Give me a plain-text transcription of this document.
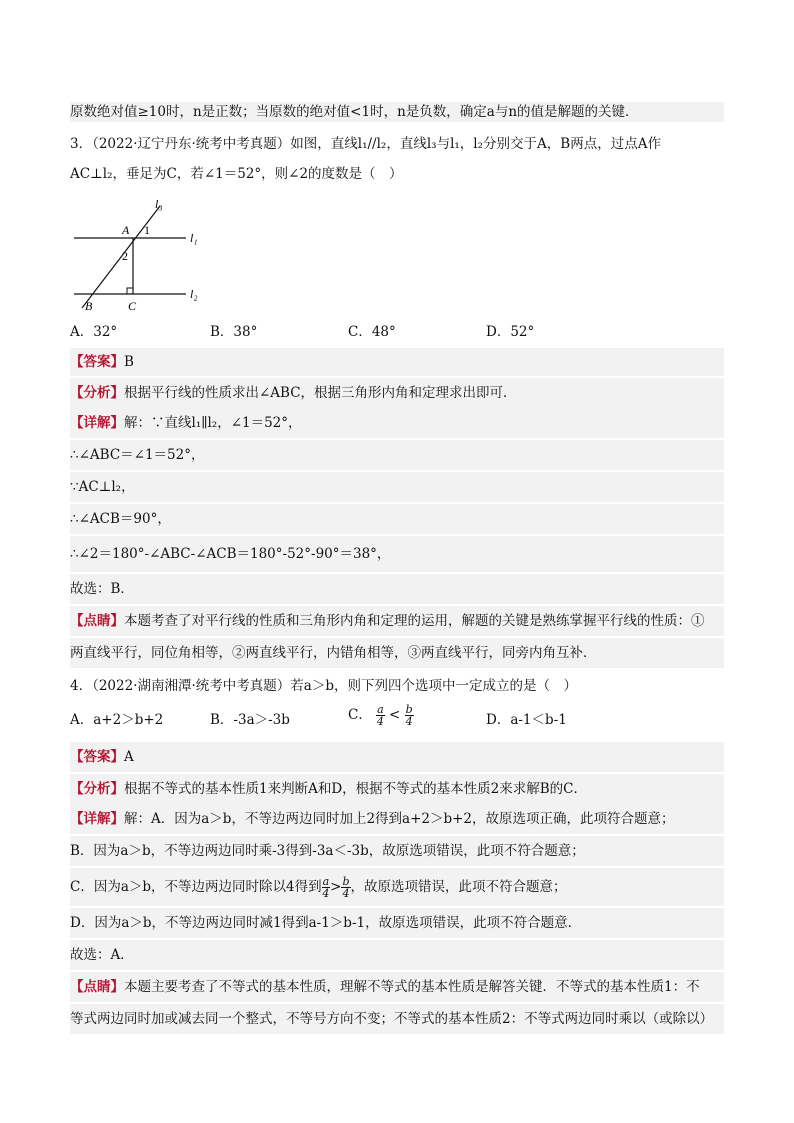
原数绝对值≥10时，n是正数；当原数的绝对值<1时，n是负数，确定a与n的值是解题的关键．
3．（2022·辽宁丹东·统考中考真题）如图，直线l₁//l₂，直线l₃与l₁，l₂分别交于A，B两点，过点A作
AC⊥l₂，垂足为C，若∠1＝52°，则∠2的度数是（　）
l₃
l₁
l₂
A 1
2
B	C
A．32°	B．38°	C．48°	D．52°
【答案】B
【分析】根据平行线的性质求出∠ABC，根据三角形内角和定理求出即可．
【详解】解：∵直线l₁∥l₂，∠1＝52°，
∴∠ABC＝∠1＝52°，
∵AC⊥l₂，
∴∠ACB＝90°，
∴∠2＝180°-∠ABC-∠ACB＝180°-52°-90°＝38°，
故选：B．
【点睛】本题考查了对平行线的性质和三角形内角和定理的运用，解题的关键是熟练掌握平行线的性质：①
两直线平行，同位角相等，②两直线平行，内错角相等，③两直线平行，同旁内角互补．
4．（2022·湖南湘潭·统考中考真题）若a＞b，则下列四个选项中一定成立的是（　）
A．a+2＞b+2	B．-3a＞-3b	C． $\frac{a}{4} < \frac{b}{4}$	D．a-1＜b-1
【答案】A
【分析】根据不等式的基本性质1来判断A和D，根据不等式的基本性质2来求解B的C．
【详解】解：A．因为a＞b，不等边两边同时加上2得到a+2＞b+2，故原选项正确，此项符合题意；
B．因为a＞b，不等边两边同时乘-3得到-3a＜-3b，故原选项错误，此项不符合题意；
C．因为a＞b，不等边两边同时除以4得到 $\frac{a}{4} > \frac{b}{4}$ ，故原选项错误，此项不符合题意；
D．因为a＞b，不等边两边同时减1得到a-1＞b-1，故原选项错误，此项不符合题意．
故选：A．
【点睛】本题主要考查了不等式的基本性质，理解不等式的基本性质是解答关键．不等式的基本性质1：不
等式两边同时加或减去同一个整式，不等号方向不变；不等式的基本性质2：不等式两边同时乘以（或除以）
